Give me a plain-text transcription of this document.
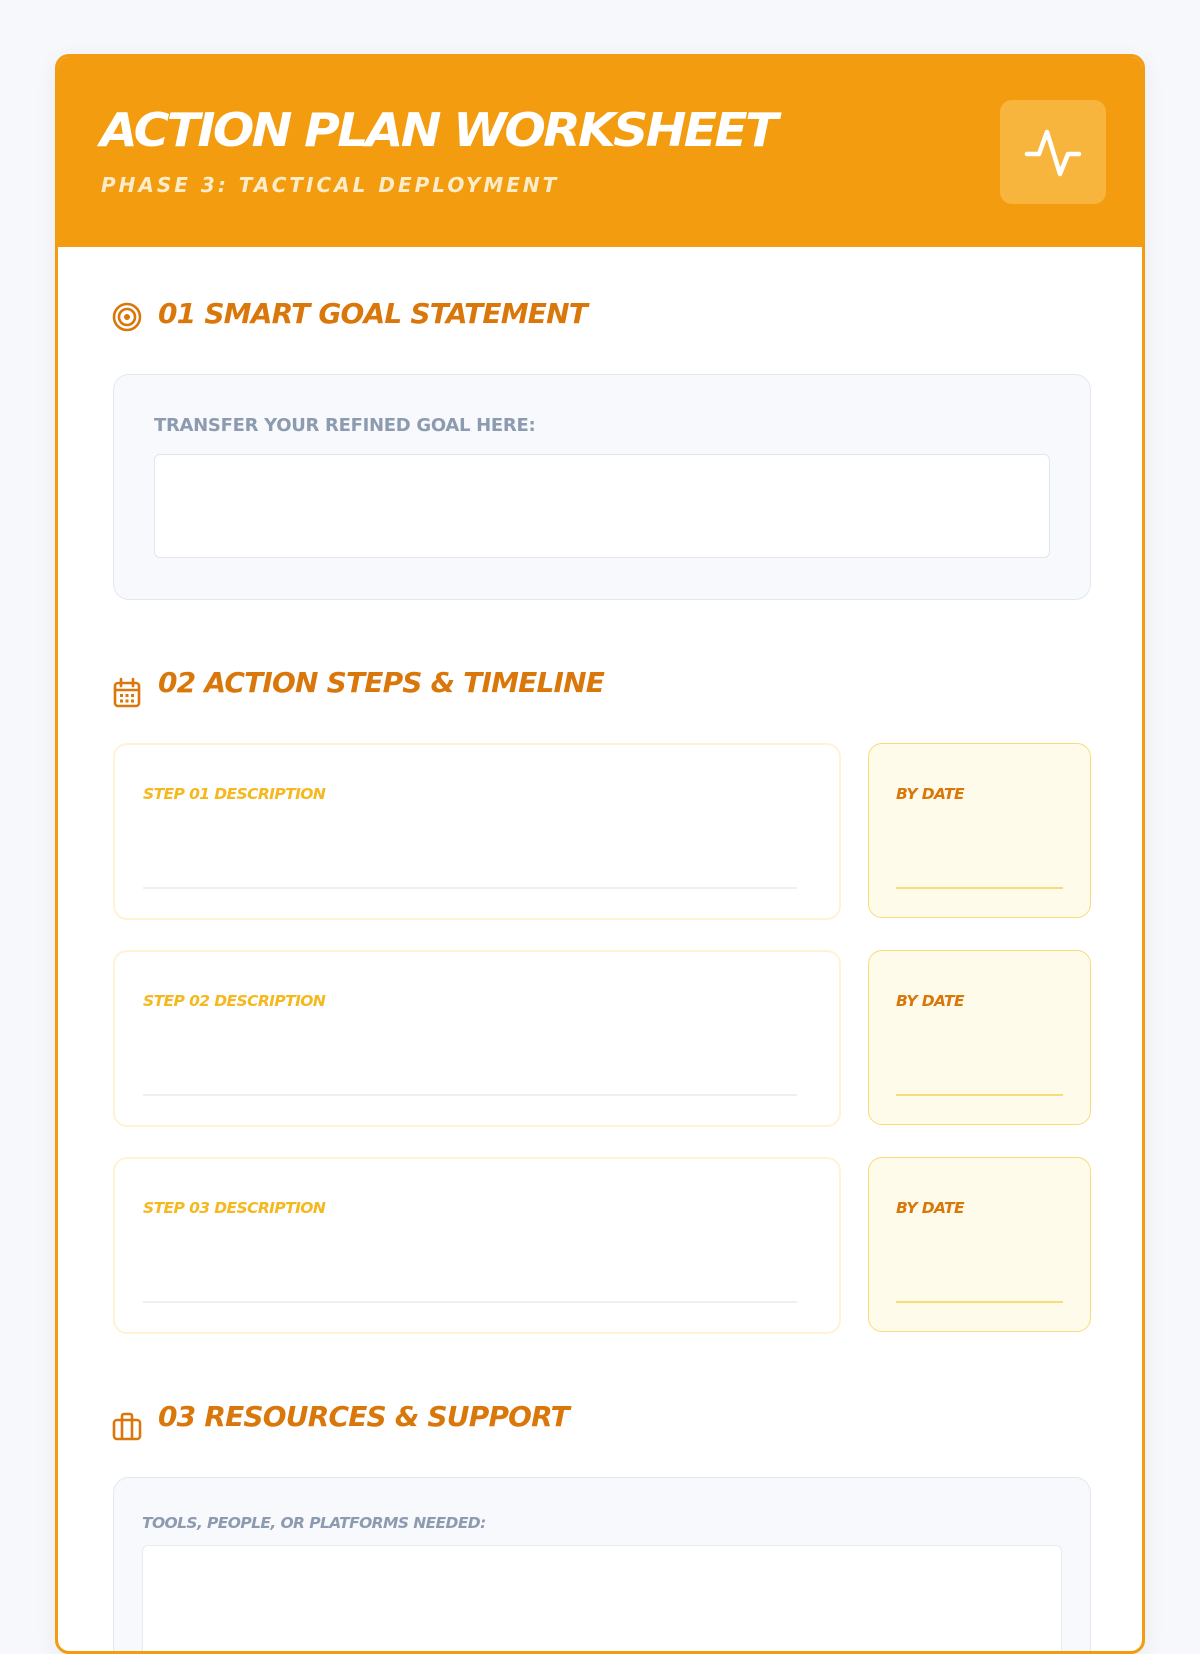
ACTION PLAN WORKSHEET
PHASE 3: TACTICAL DEPLOYMENT
01 SMART GOAL STATEMENT
TRANSFER YOUR REFINED GOAL HERE:
02 ACTION STEPS & TIMELINE
STEP 01 DESCRIPTION	BY DATE
STEP 02 DESCRIPTION	BY DATE
STEP 03 DESCRIPTION	BY DATE
03 RESOURCES & SUPPORT
TOOLS, PEOPLE, OR PLATFORMS NEEDED:
